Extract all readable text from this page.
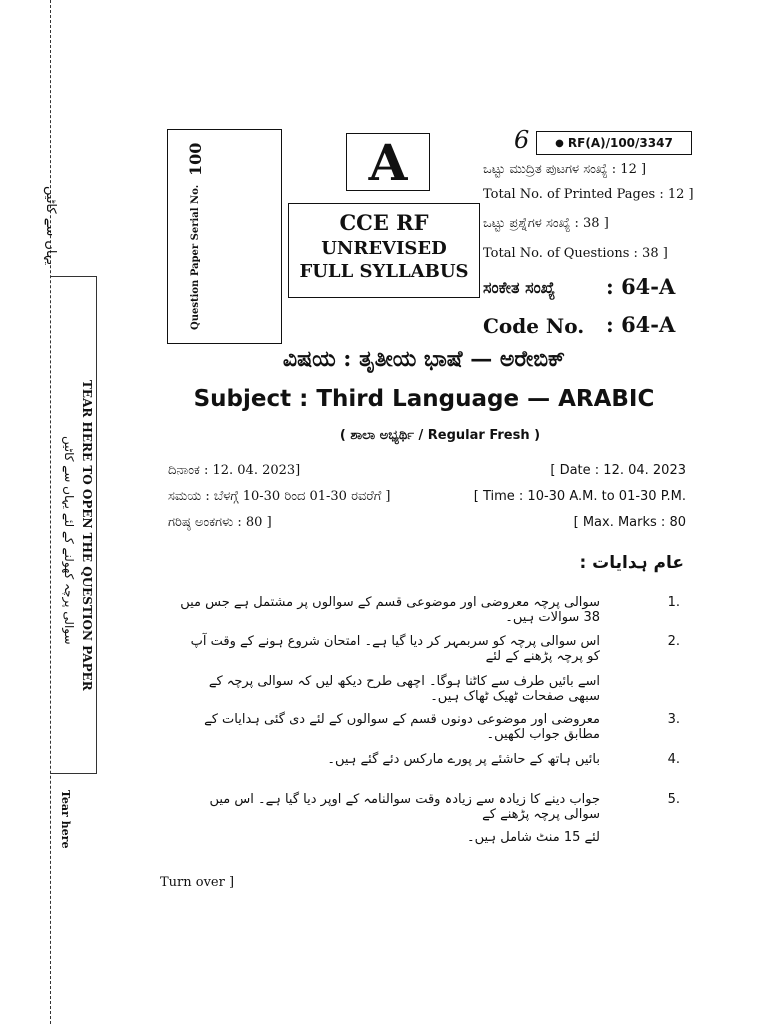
یہاں سے کاٹیں
TEAR HERE TO OPEN THE QUESTION PAPER
سوالی پرچہ کھولنے کے لئے یہاں سے کاٹیں
Tear here
Question Paper Serial No.
100	A
CCE RF
UNREVISED
FULL SYLLABUS
6	● RF(A)/100/3347
ಒಟ್ಟು ಮುದ್ರಿತ ಪುಟಗಳ ಸಂಖ್ಯೆ : 12 ]
Total No. of Printed Pages : 12 ]
ಒಟ್ಟು ಪ್ರಶ್ನೆಗಳ ಸಂಖ್ಯೆ : 38 ]
Total No. of Questions : 38 ]
ಸಂಕೇತ ಸಂಖ್ಯೆ : 64-A
Code No. : 64-A
ವಿಷಯ : ತೃತೀಯ ಭಾಷೆ — ಅರೇಬಿಕ್
Subject : Third Language — ARABIC
( ಶಾಲಾ ಅಭ್ಯರ್ಥಿ / Regular Fresh )
ದಿನಾಂಕ : 12. 04. 2023]	[ Date : 12. 04. 2023
ಸಮಯ : ಬೆಳಗ್ಗೆ 10-30 ರಿಂದ 01-30 ರವರೆಗೆ ]	[ Time : 10-30 A.M. to 01-30 P.M.
ಗರಿಷ್ಠ ಅಂಕಗಳು : 80 ]	[ Max. Marks : 80
عام ہدایات :
1.
سوالی پرچہ معروضی اور موضوعی قسم کے سوالوں پر مشتمل ہے جس میں 38 سوالات ہیں۔
2.
اس سوالی پرچہ کو سربمہر کر دیا گیا ہے۔ امتحان شروع ہونے کے وقت آپ کو پرچہ پڑھنے کے لئے
اسے بائیں طرف سے کاٹنا ہوگا۔ اچھی طرح دیکھ لیں کہ سوالی پرچہ کے سبھی صفحات ٹھیک ٹھاک ہیں۔
3.
معروضی اور موضوعی دونوں قسم کے سوالوں کے لئے دی گئی ہدایات کے مطابق جواب لکھیں۔
4.
بائیں ہاتھ کے حاشئے پر پورے مارکس دئے گئے ہیں۔
5.
جواب دینے کا زیادہ سے زیادہ وقت سوالنامہ کے اوپر دیا گیا ہے۔ اس میں سوالی پرچہ پڑھنے کے
لئے 15 منٹ شامل ہیں۔
Turn over ]
